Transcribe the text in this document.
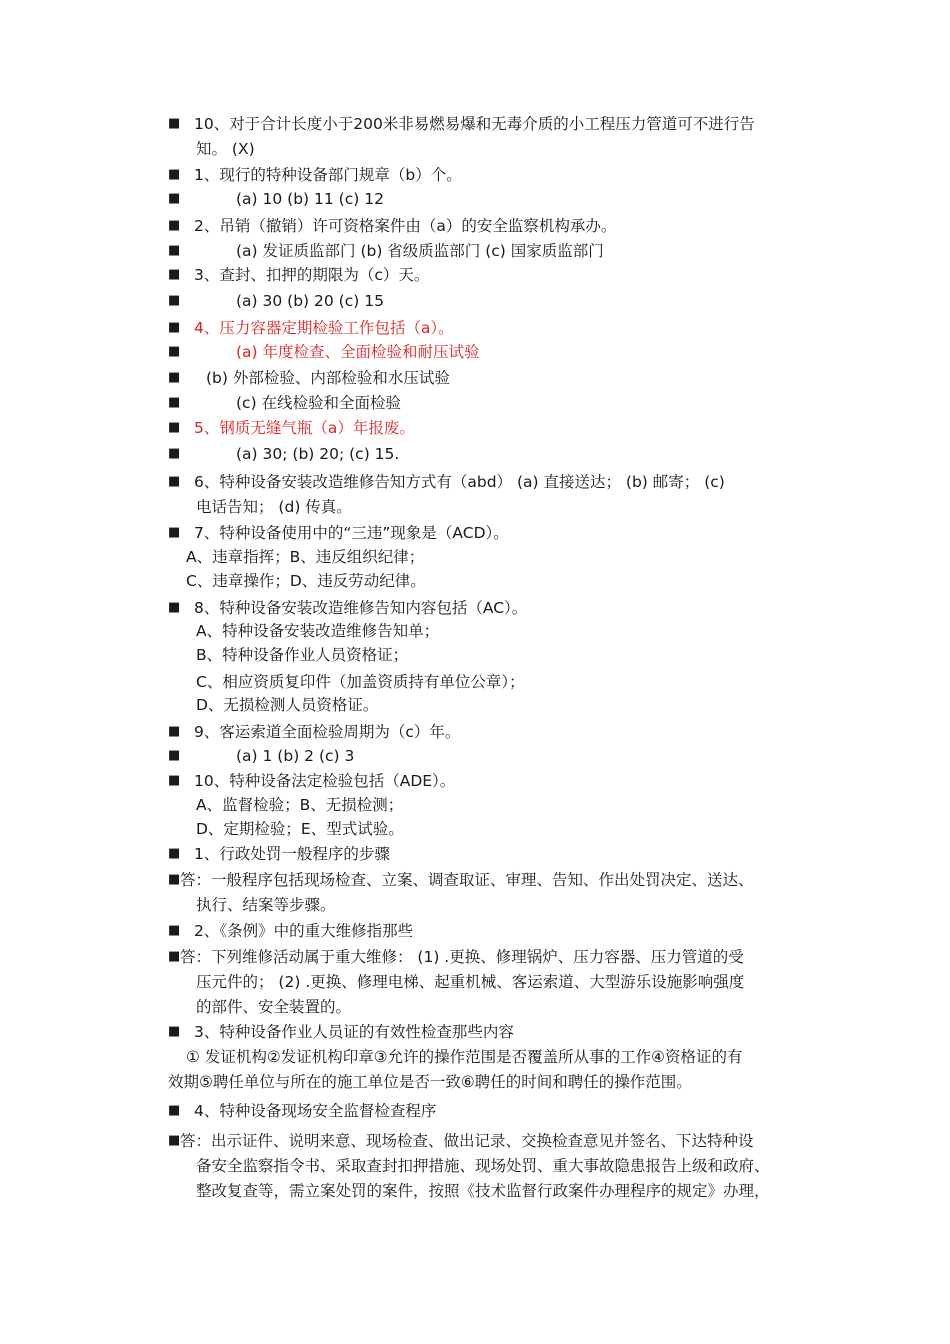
■ 10、对于合计长度小于200米非易燃易爆和无毒介质的小工程压力管道可不进行告
知。 (X)
■ 1、现行的特种设备部门规章（b）个。
■	(a) 10 (b) 11 (c) 12
■ 2、吊销（撤销）许可资格案件由（a）的安全监察机构承办。
■	(a) 发证质监部门 (b) 省级质监部门 (c) 国家质监部门
■ 3、查封、扣押的期限为（c）天。
■	(a) 30 (b) 20 (c) 15
■ 4、压力容器定期检验工作包括（a）。
■	(a) 年度检查、全面检验和耐压试验
■ (b) 外部检验、内部检验和水压试验
■	(c) 在线检验和全面检验
■ 5、钢质无缝气瓶（a）年报废。
■	(a) 30; (b) 20; (c) 15.
■ 6、特种设备安装改造维修告知方式有（abd） (a) 直接送达； (b) 邮寄； (c)
电话告知； (d) 传真。
■ 7、特种设备使用中的“三违”现象是（ACD）。
A、违章指挥；B、违反组织纪律；
C、违章操作；D、违反劳动纪律。
■ 8、特种设备安装改造维修告知内容包括（AC）。
A、特种设备安装改造维修告知单；
B、特种设备作业人员资格证；
C、相应资质复印件（加盖资质持有单位公章）；
D、无损检测人员资格证。
■ 9、客运索道全面检验周期为（c）年。
■	(a) 1 (b) 2 (c) 3
■ 10、特种设备法定检验包括（ADE）。
A、监督检验；B、无损检测；
D、定期检验；E、型式试验。
■ 1、行政处罚一般程序的步骤
■ 答：一般程序包括现场检查、立案、调查取证、审理、告知、作出处罚决定、送达、
执行、结案等步骤。
■ 2、《条例》中的重大维修指那些
■ 答：下列维修活动属于重大维修： (1) .更换、修理锅炉、压力容器、压力管道的受
压元件的； (2) .更换、修理电梯、起重机械、客运索道、大型游乐设施影响强度
的部件、安全装置的。
■ 3、特种设备作业人员证的有效性检查那些内容
① 发证机构②发证机构印章③允许的操作范围是否覆盖所从事的工作④资格证的有
效期⑤聘任单位与所在的施工单位是否一致⑥聘任的时间和聘任的操作范围。
■ 4、特种设备现场安全监督检查程序
■ 答：出示证件、说明来意、现场检查、做出记录、交换检查意见并签名、下达特种设
备安全监察指令书、采取查封扣押措施、现场处罚、重大事故隐患报告上级和政府、
整改复查等，需立案处罚的案件，按照《技术监督行政案件办理程序的规定》办理，
